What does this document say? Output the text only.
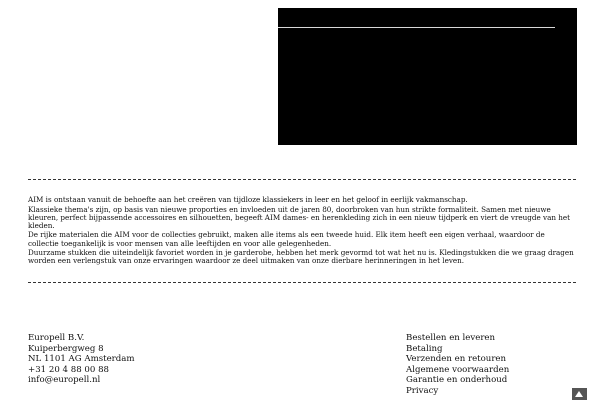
AIM is ontstaan vanuit de behoefte aan het creëren van tijdloze klassiekers in leer en het geloof in eerlijk vakmanschap.

Klassieke thema's zijn, op basis van nieuwe proporties en invloeden uit de jaren 80, doorbroken van hun strikte formaliteit. Samen met nieuwe kleuren, perfect bijpassende accessoires en silhouetten, begeeft AIM dames- en herenkleding zich in een nieuw tijdperk en viert de vreugde van het kleden.

De rijke materialen die AIM voor de collecties gebruikt, maken alle items als een tweede huid. Elk item heeft een eigen verhaal, waardoor de collectie toegankelijk is voor mensen van alle leeftijden en voor alle gelegenheden.

Duurzame stukken die uiteindelijk favoriet worden in je garderobe, hebben het merk gevormd tot wat het nu is. Kledingstukken die we graag dragen worden een verlengstuk van onze ervaringen waardoor ze deel uitmaken van onze dierbare herinneringen in het leven.

Europell B.V.
Kuiperbergweg 8
NL 1101 AG Amsterdam
+31 20 4 88 00 88
info@europell.nl
Bestellen en leveren
Betaling
Verzenden en retouren
Algemene voorwaarden
Garantie en onderhoud
Privacy
